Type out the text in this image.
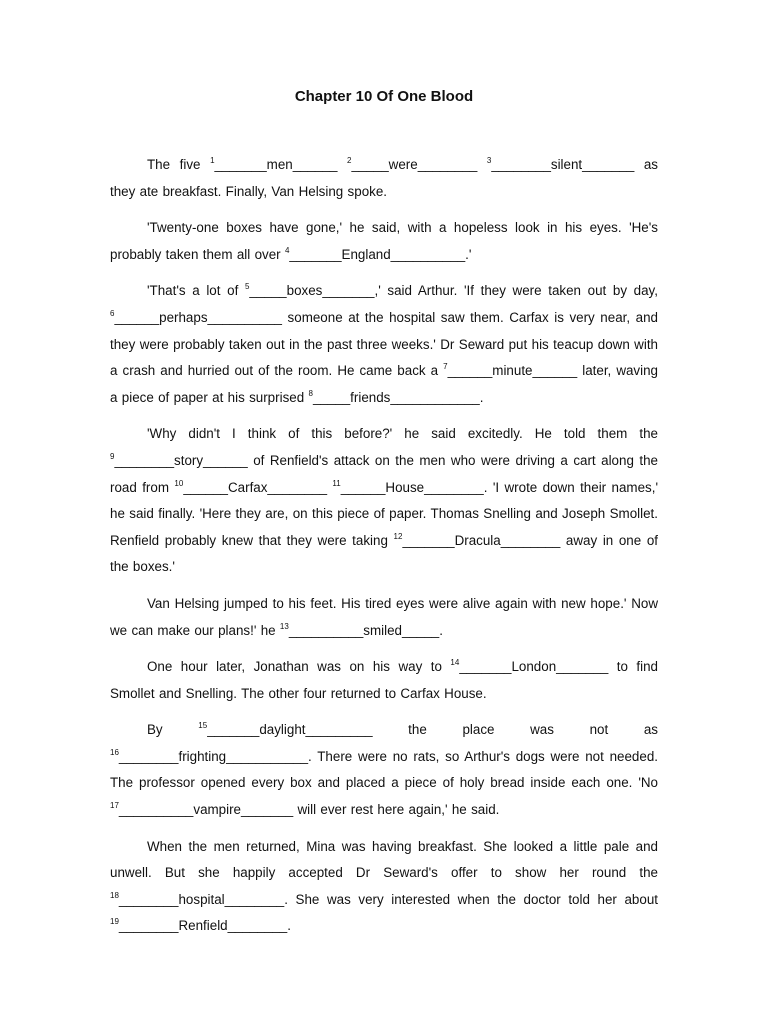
Chapter 10 Of One Blood

The five $^1$_______men______ $^2$_____were________ $^3$________silent_______ as they ate breakfast. Finally, Van Helsing spoke.

'Twenty-one boxes have gone,' he said, with a hopeless look in his eyes. 'He's probably taken them all over $^4$_______England__________.'

'That's a lot of $^5$_____boxes_______,' said Arthur. 'If they were taken out by day, $^6$______perhaps__________ someone at the hospital saw them. Carfax is very near, and they were probably taken out in the past three weeks.' Dr Seward put his teacup down with a crash and hurried out of the room. He came back a $^7$______minute______ later, waving a piece of paper at his surprised $^8$_____friends____________.

'Why didn't I think of this before?' he said excitedly. He told them the $^9$________story______ of Renfield's attack on the men who were driving a cart along the road from $^{10}$______Carfax________ $^{11}$______House________. 'I wrote down their names,' he said finally. 'Here they are, on this piece of paper. Thomas Snelling and Joseph Smollet. Renfield probably knew that they were taking $^{12}$_______Dracula________ away in one of the boxes.'

Van Helsing jumped to his feet. His tired eyes were alive again with new hope.' Now we can make our plans!' he $^{13}$__________smiled_____.

One hour later, Jonathan was on his way to $^{14}$_______London_______ to find Smollet and Snelling. The other four returned to Carfax House.

By $^{15}$_______daylight_________ the place was not as $^{16}$________frighting___________. There were no rats, so Arthur's dogs were not needed. The professor opened every box and placed a piece of holy bread inside each one. 'No $^{17}$__________vampire_______ will ever rest here again,' he said.

When the men returned, Mina was having breakfast. She looked a little pale and unwell. But she happily accepted Dr Seward's offer to show her round the $^{18}$________hospital________. She was very interested when the doctor told her about $^{19}$________Renfield________.
